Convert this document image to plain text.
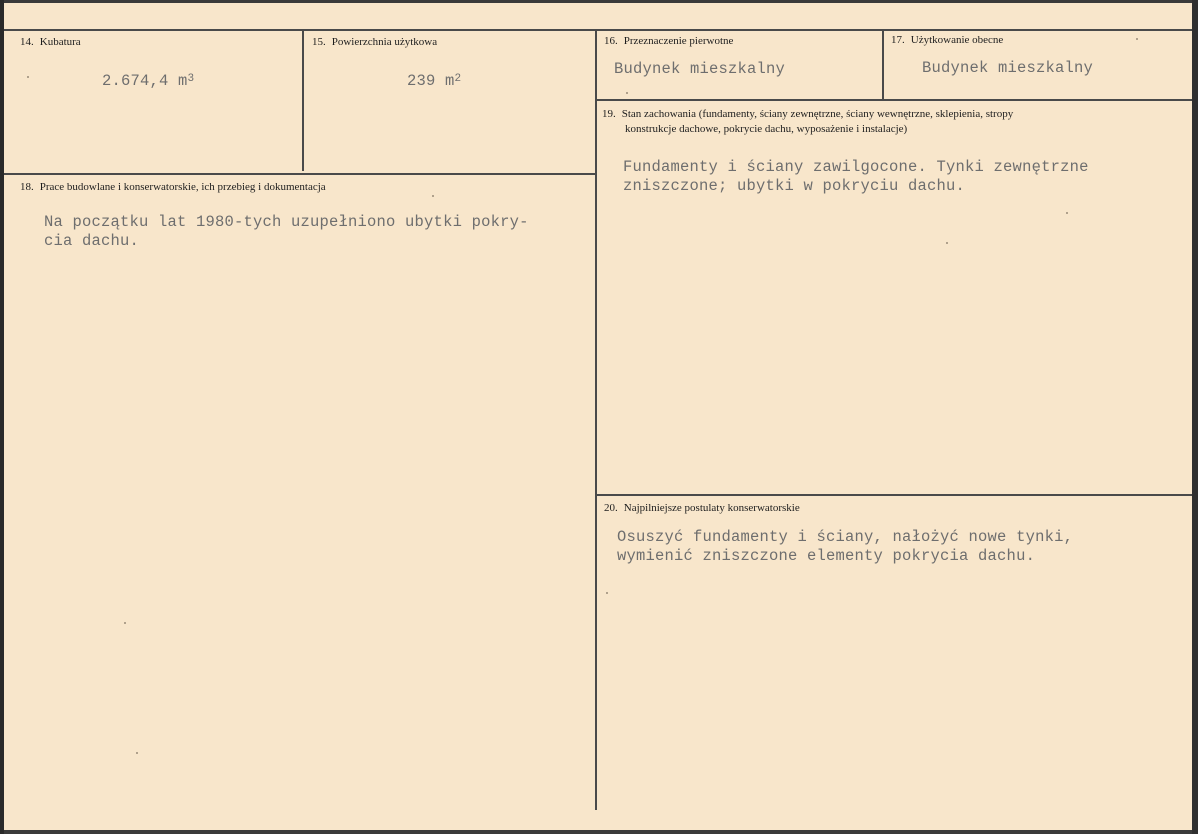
14. Kubatura
2.674,4 $m^3$
15. Powierzchnia użytkowa
239 $m^2$
16. Przeznaczenie pierwotne
Budynek mieszkalny
17. Użytkowanie obecne
Budynek mieszkalny
18. Prace budowlane i konserwatorskie, ich przebieg i dokumentacja
Na początku lat 1980-tych uzupełniono ubytki pokry-
cia dachu.
19. Stan zachowania (fundamenty, ściany zewnętrzne, ściany wewnętrzne, sklepienia, stropy
konstrukcje dachowe, pokrycie dachu, wyposażenie i instalacje)
Fundamenty i ściany zawilgocone. Tynki zewnętrzne
zniszczone; ubytki w pokryciu dachu.
20. Najpilniejsze postulaty konserwatorskie
Osuszyć fundamenty i ściany, nałożyć nowe tynki,
wymienić zniszczone elementy pokrycia dachu.
